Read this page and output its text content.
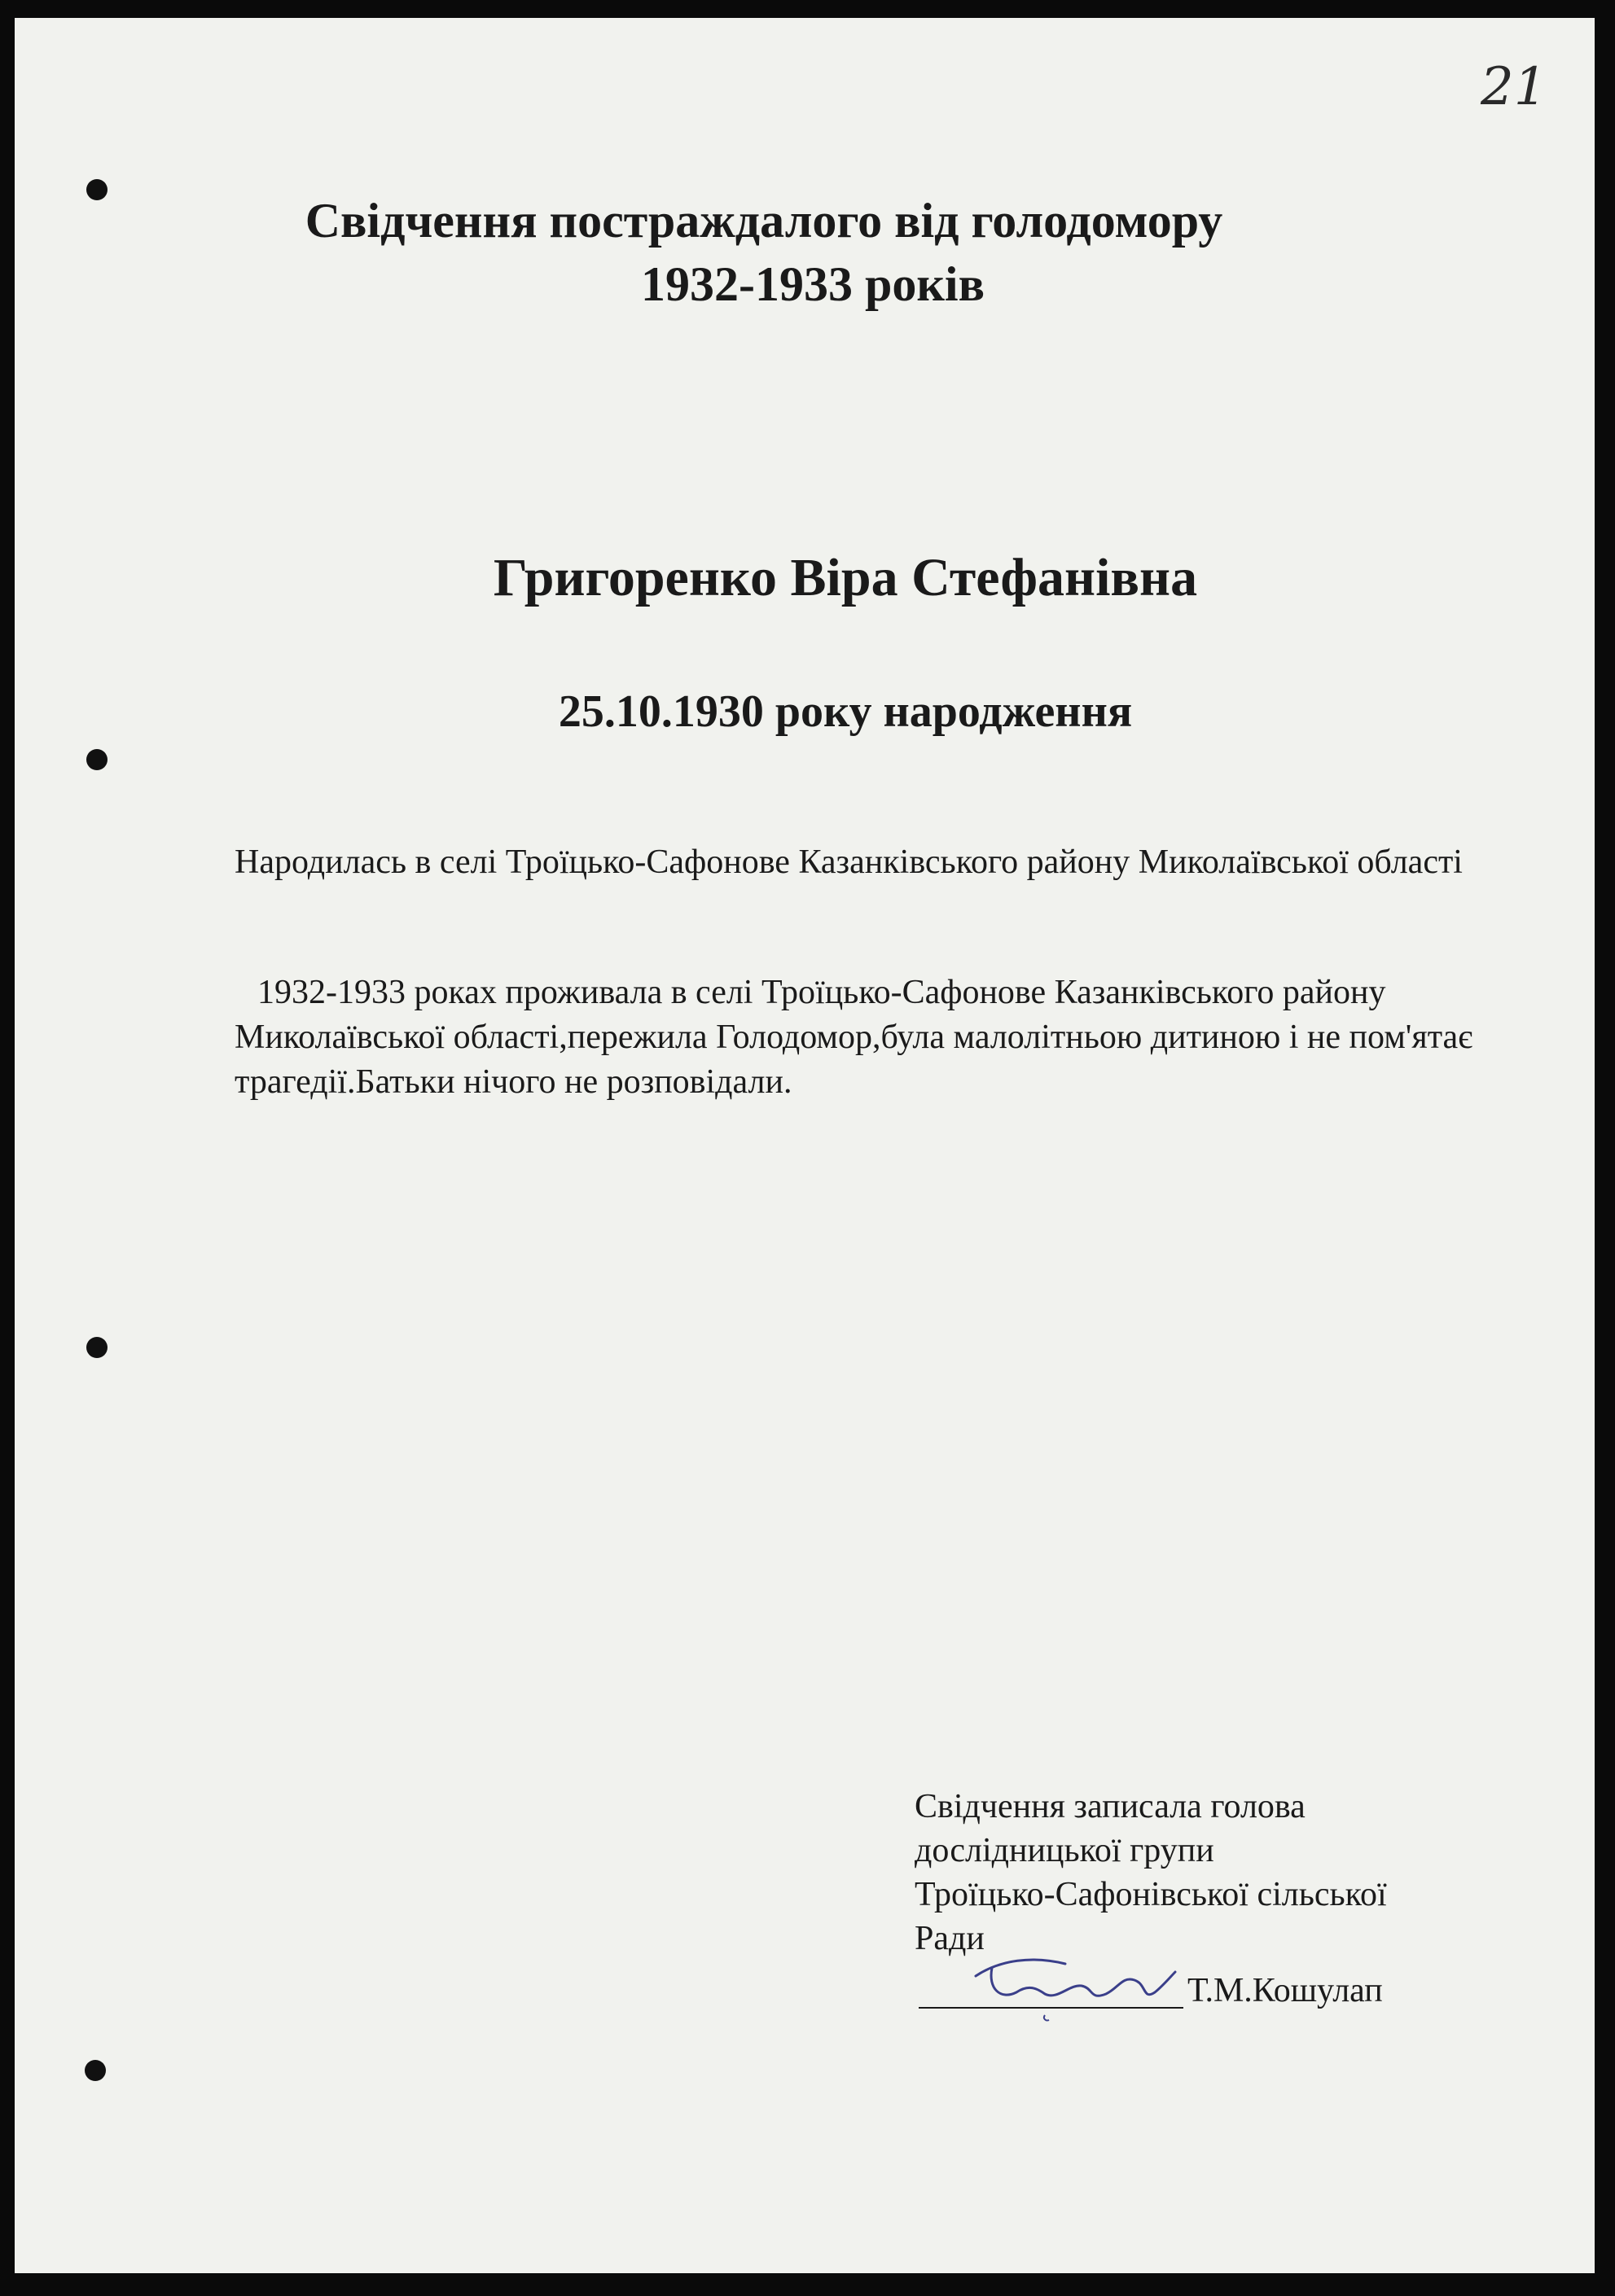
21
Свідчення постраждалого від голодомору
1932-1933 років
Григоренко Віра Стефанівна
25.10.1930 року народження
Народилась в селі Троїцько-Сафонове Казанківського району Миколаївської області
1932-1933 роках проживала в селі Троїцько-Сафонове Казанківського району Миколаївської області,пережила Голодомор,була малолітньою дитиною і не пом'ятає трагедії.Батьки нічого не розповідали.
Свідчення записала голова
дослідницької групи
Троїцько-Сафонівської сільської
Ради
Т.М.Кошулап
